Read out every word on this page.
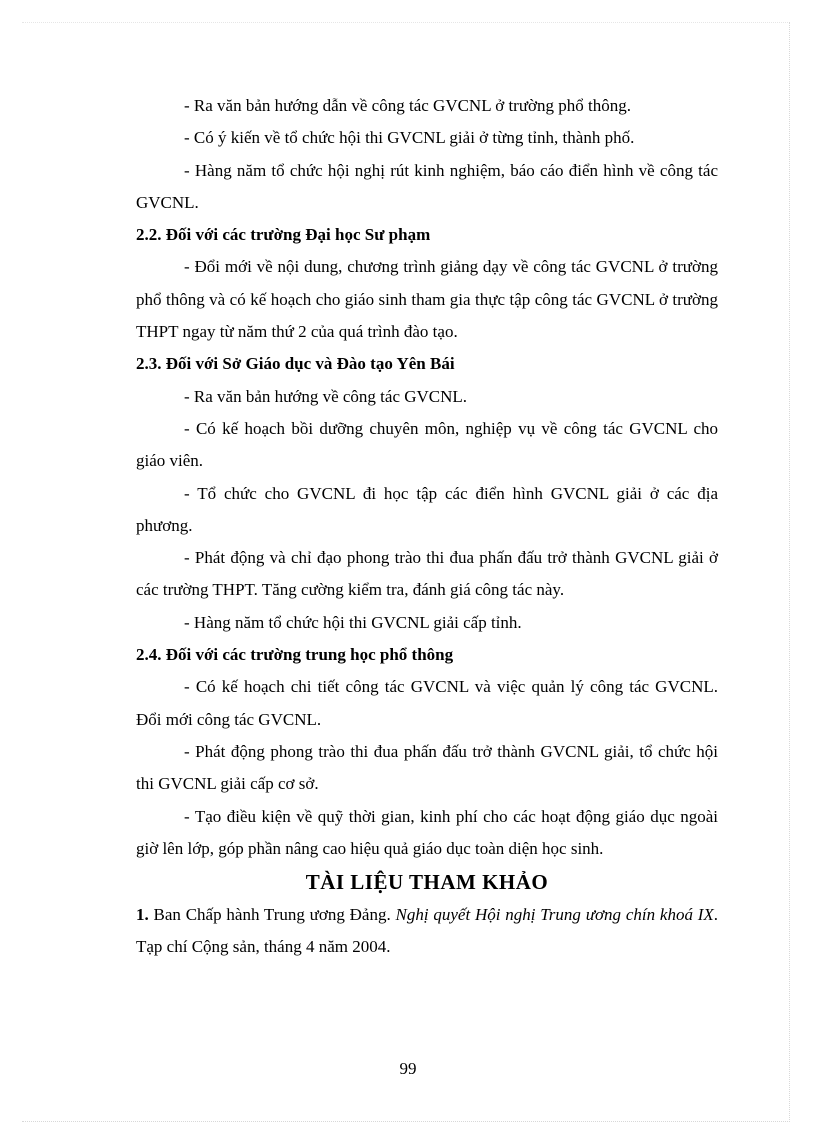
- Ra văn bản hướng dẫn về công tác GVCNL ở trường phổ thông.

- Có ý kiến về tổ chức hội thi GVCNL giải ở từng tỉnh, thành phố.

- Hàng năm tổ chức hội nghị rút kinh nghiệm, báo cáo điển hình về công tác GVCNL.

2.2. Đối với các trường Đại học Sư phạm

- Đổi mới về nội dung, chương trình giảng dạy về công tác GVCNL ở trường phổ thông và có kế hoạch cho giáo sinh tham gia thực tập công tác GVCNL ở trường THPT ngay từ năm thứ 2 của quá trình đào tạo.

2.3. Đối với Sở Giáo dục và Đào tạo Yên Bái

- Ra văn bản hướng về công tác GVCNL.

- Có kế hoạch bồi dưỡng chuyên môn, nghiệp vụ về công tác GVCNL cho giáo viên.

- Tổ chức cho GVCNL đi học tập các điển hình GVCNL giải ở các địa phương.

- Phát động và chỉ đạo phong trào thi đua phấn đấu trở thành GVCNL giải ở các trường THPT. Tăng cường kiểm tra, đánh giá công tác này.

- Hàng năm tổ chức hội thi GVCNL giải cấp tỉnh.

2.4. Đối với các trường trung học phổ thông

- Có kế hoạch chi tiết công tác GVCNL và việc quản lý công tác GVCNL. Đổi mới công tác GVCNL.

- Phát động phong trào thi đua phấn đấu trở thành GVCNL giải, tổ chức hội thi GVCNL giải cấp cơ sở.

- Tạo điều kiện về quỹ thời gian, kinh phí cho các hoạt động giáo dục ngoài giờ lên lớp, góp phần nâng cao hiệu quả giáo dục toàn diện học sinh.

TÀI LIỆU THAM KHẢO

1. Ban Chấp hành Trung ương Đảng. Nghị quyết Hội nghị Trung ương chín khoá IX. Tạp chí Cộng sản, tháng 4 năm 2004.

99
